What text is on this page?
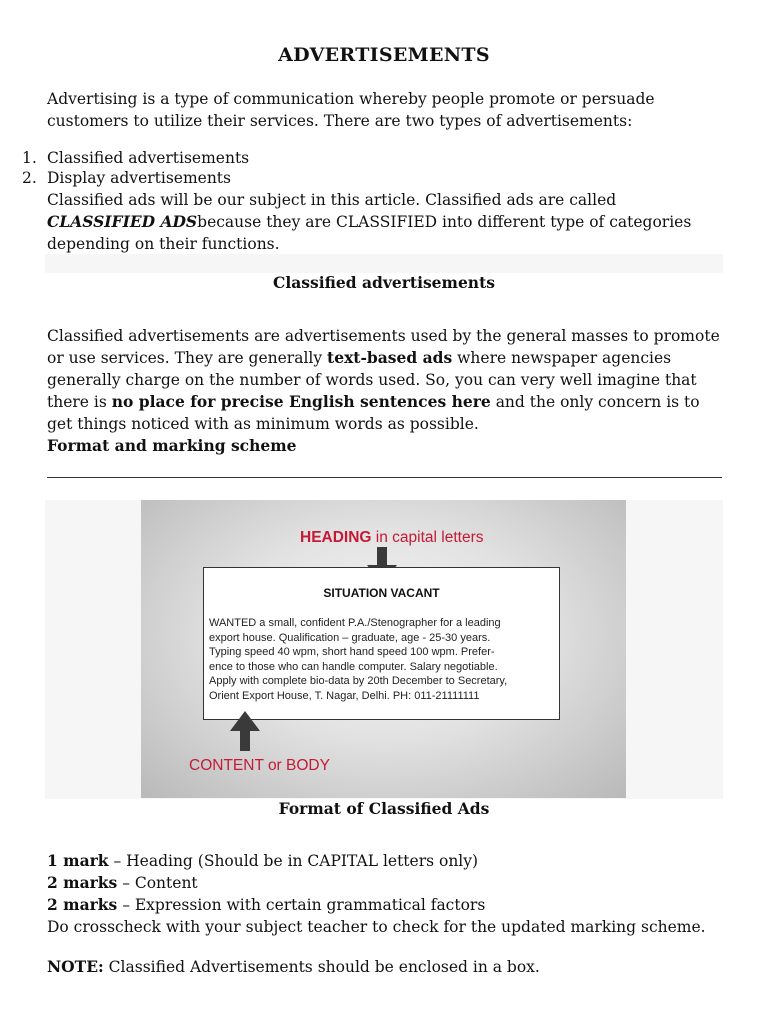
ADVERTISEMENTS
Advertising is a type of communication whereby people promote or persuade customers to utilize their services. There are two types of advertisements:
1. Classified advertisements
2. Display advertisements
Classified ads will be our subject in this article. Classified ads are called CLASSIFIED ADSbecause they are CLASSIFIED into different type of categories depending on their functions.
Classified advertisements
Classified advertisements are advertisements used by the general masses to promote or use services. They are generally text-based ads where newspaper agencies generally charge on the number of words used. So, you can very well imagine that there is no place for precise English sentences here and the only concern is to get things noticed with as minimum words as possible.
Format and marking scheme
HEADING in capital letters
SITUATION VACANT
WANTED a small, confident P.A./Stenographer for a leading
export house. Qualification – graduate, age - 25-30 years.
Typing speed 40 wpm, short hand speed 100 wpm. Prefer-
ence to those who can handle computer. Salary negotiable.
Apply with complete bio-data by 20th December to Secretary,
Orient Export House, T. Nagar, Delhi. PH: 011-21111111
CONTENT or BODY
Format of Classified Ads
1 mark – Heading (Should be in CAPITAL letters only)
2 marks – Content
2 marks – Expression with certain grammatical factors
Do crosscheck with your subject teacher to check for the updated marking scheme.
NOTE: Classified Advertisements should be enclosed in a box.
